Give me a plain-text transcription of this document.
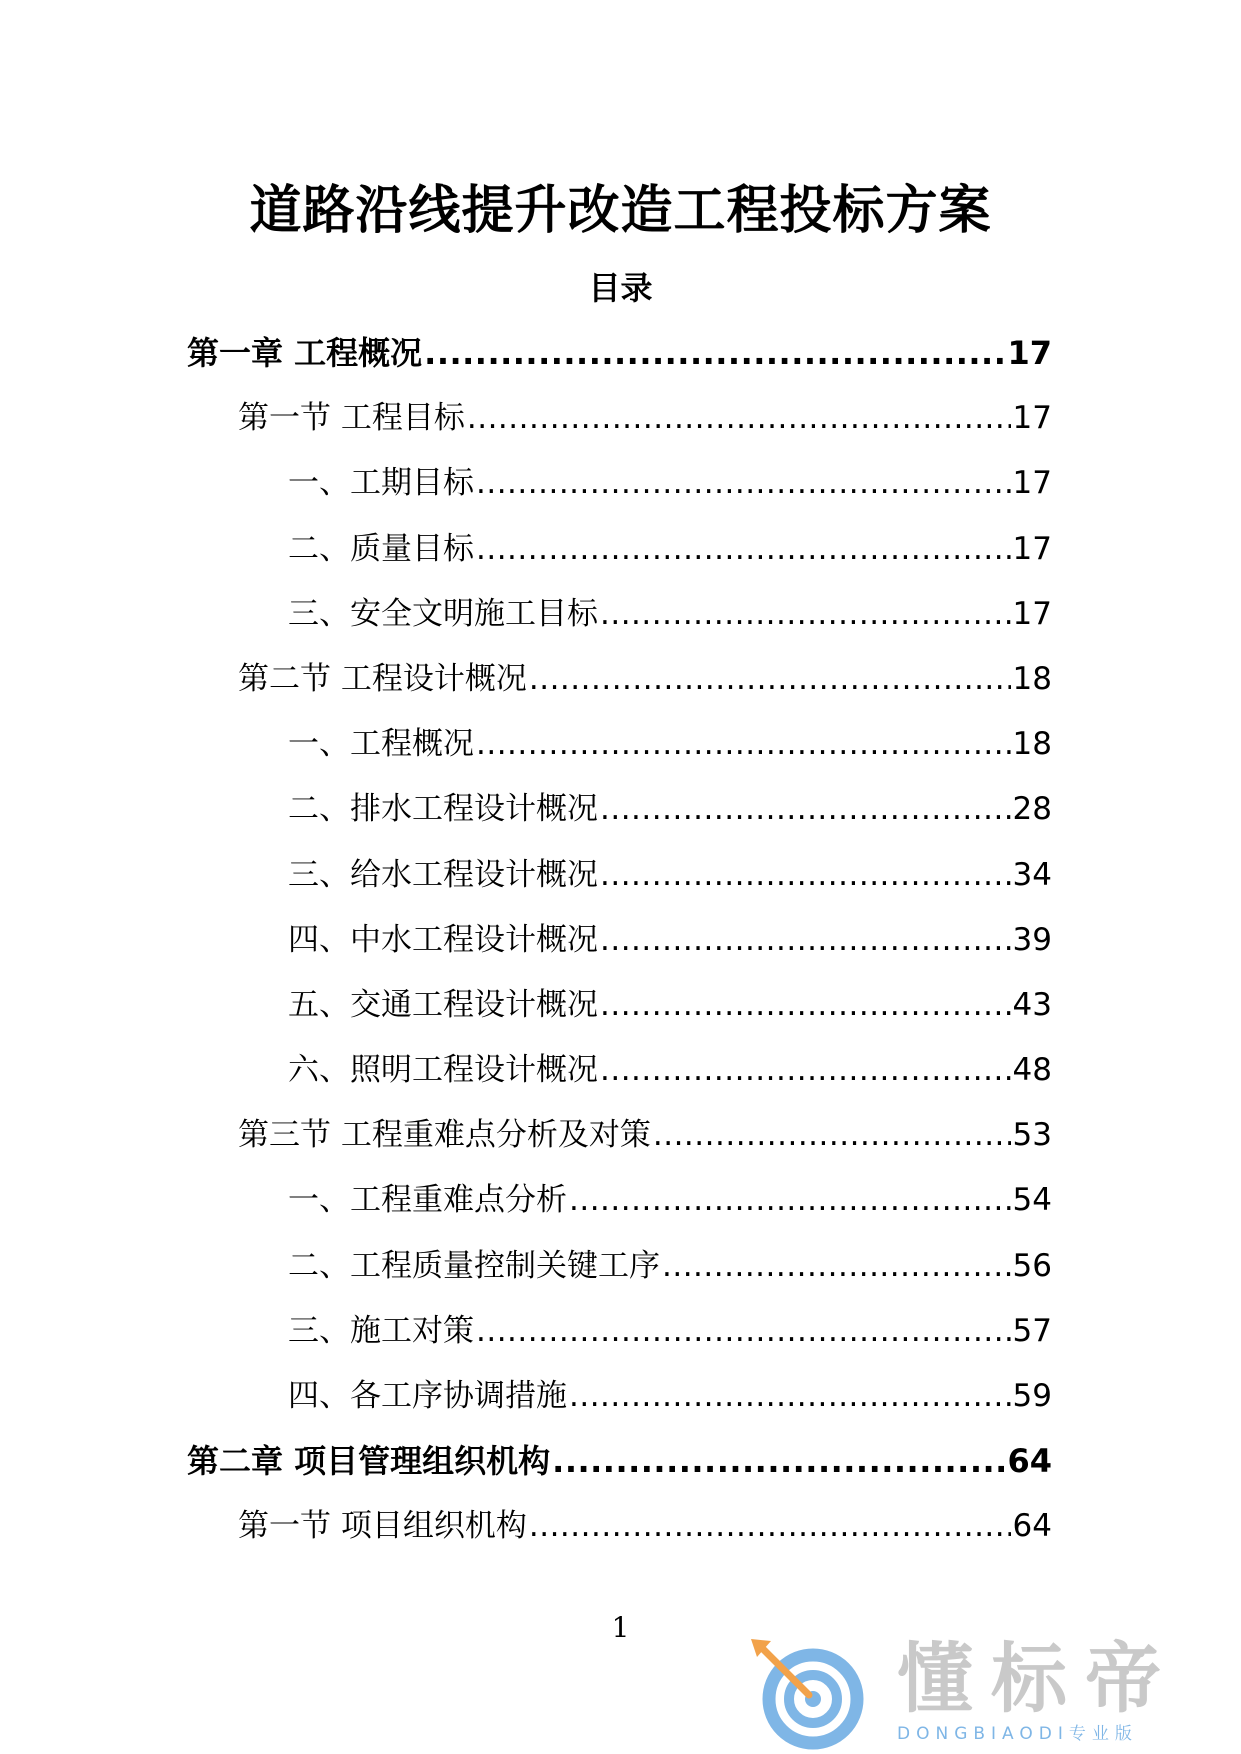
道路沿线提升改造工程投标方案
目录
第一章 工程概况 .....	17
第一节 工程目标 .....	17
一、工期目标 .....	17
二、质量目标 .....	17
三、安全文明施工目标 .....	17
第二节 工程设计概况 .....	18
一、工程概况 .....	18
二、排水工程设计概况 .....	28
三、给水工程设计概况 .....	34
四、中水工程设计概况 .....	39
五、交通工程设计概况 .....	43
六、照明工程设计概况 .....	48
第三节 工程重难点分析及对策 .....	53
一、工程重难点分析 .....	54
二、工程质量控制关键工序 .....	56
三、施工对策 .....	57
四、各工序协调措施 .....	59
第二章 项目管理组织机构 .....	64
第一节 项目组织机构 .....	64
1
懂标帝
DONGBIAODI专业版
